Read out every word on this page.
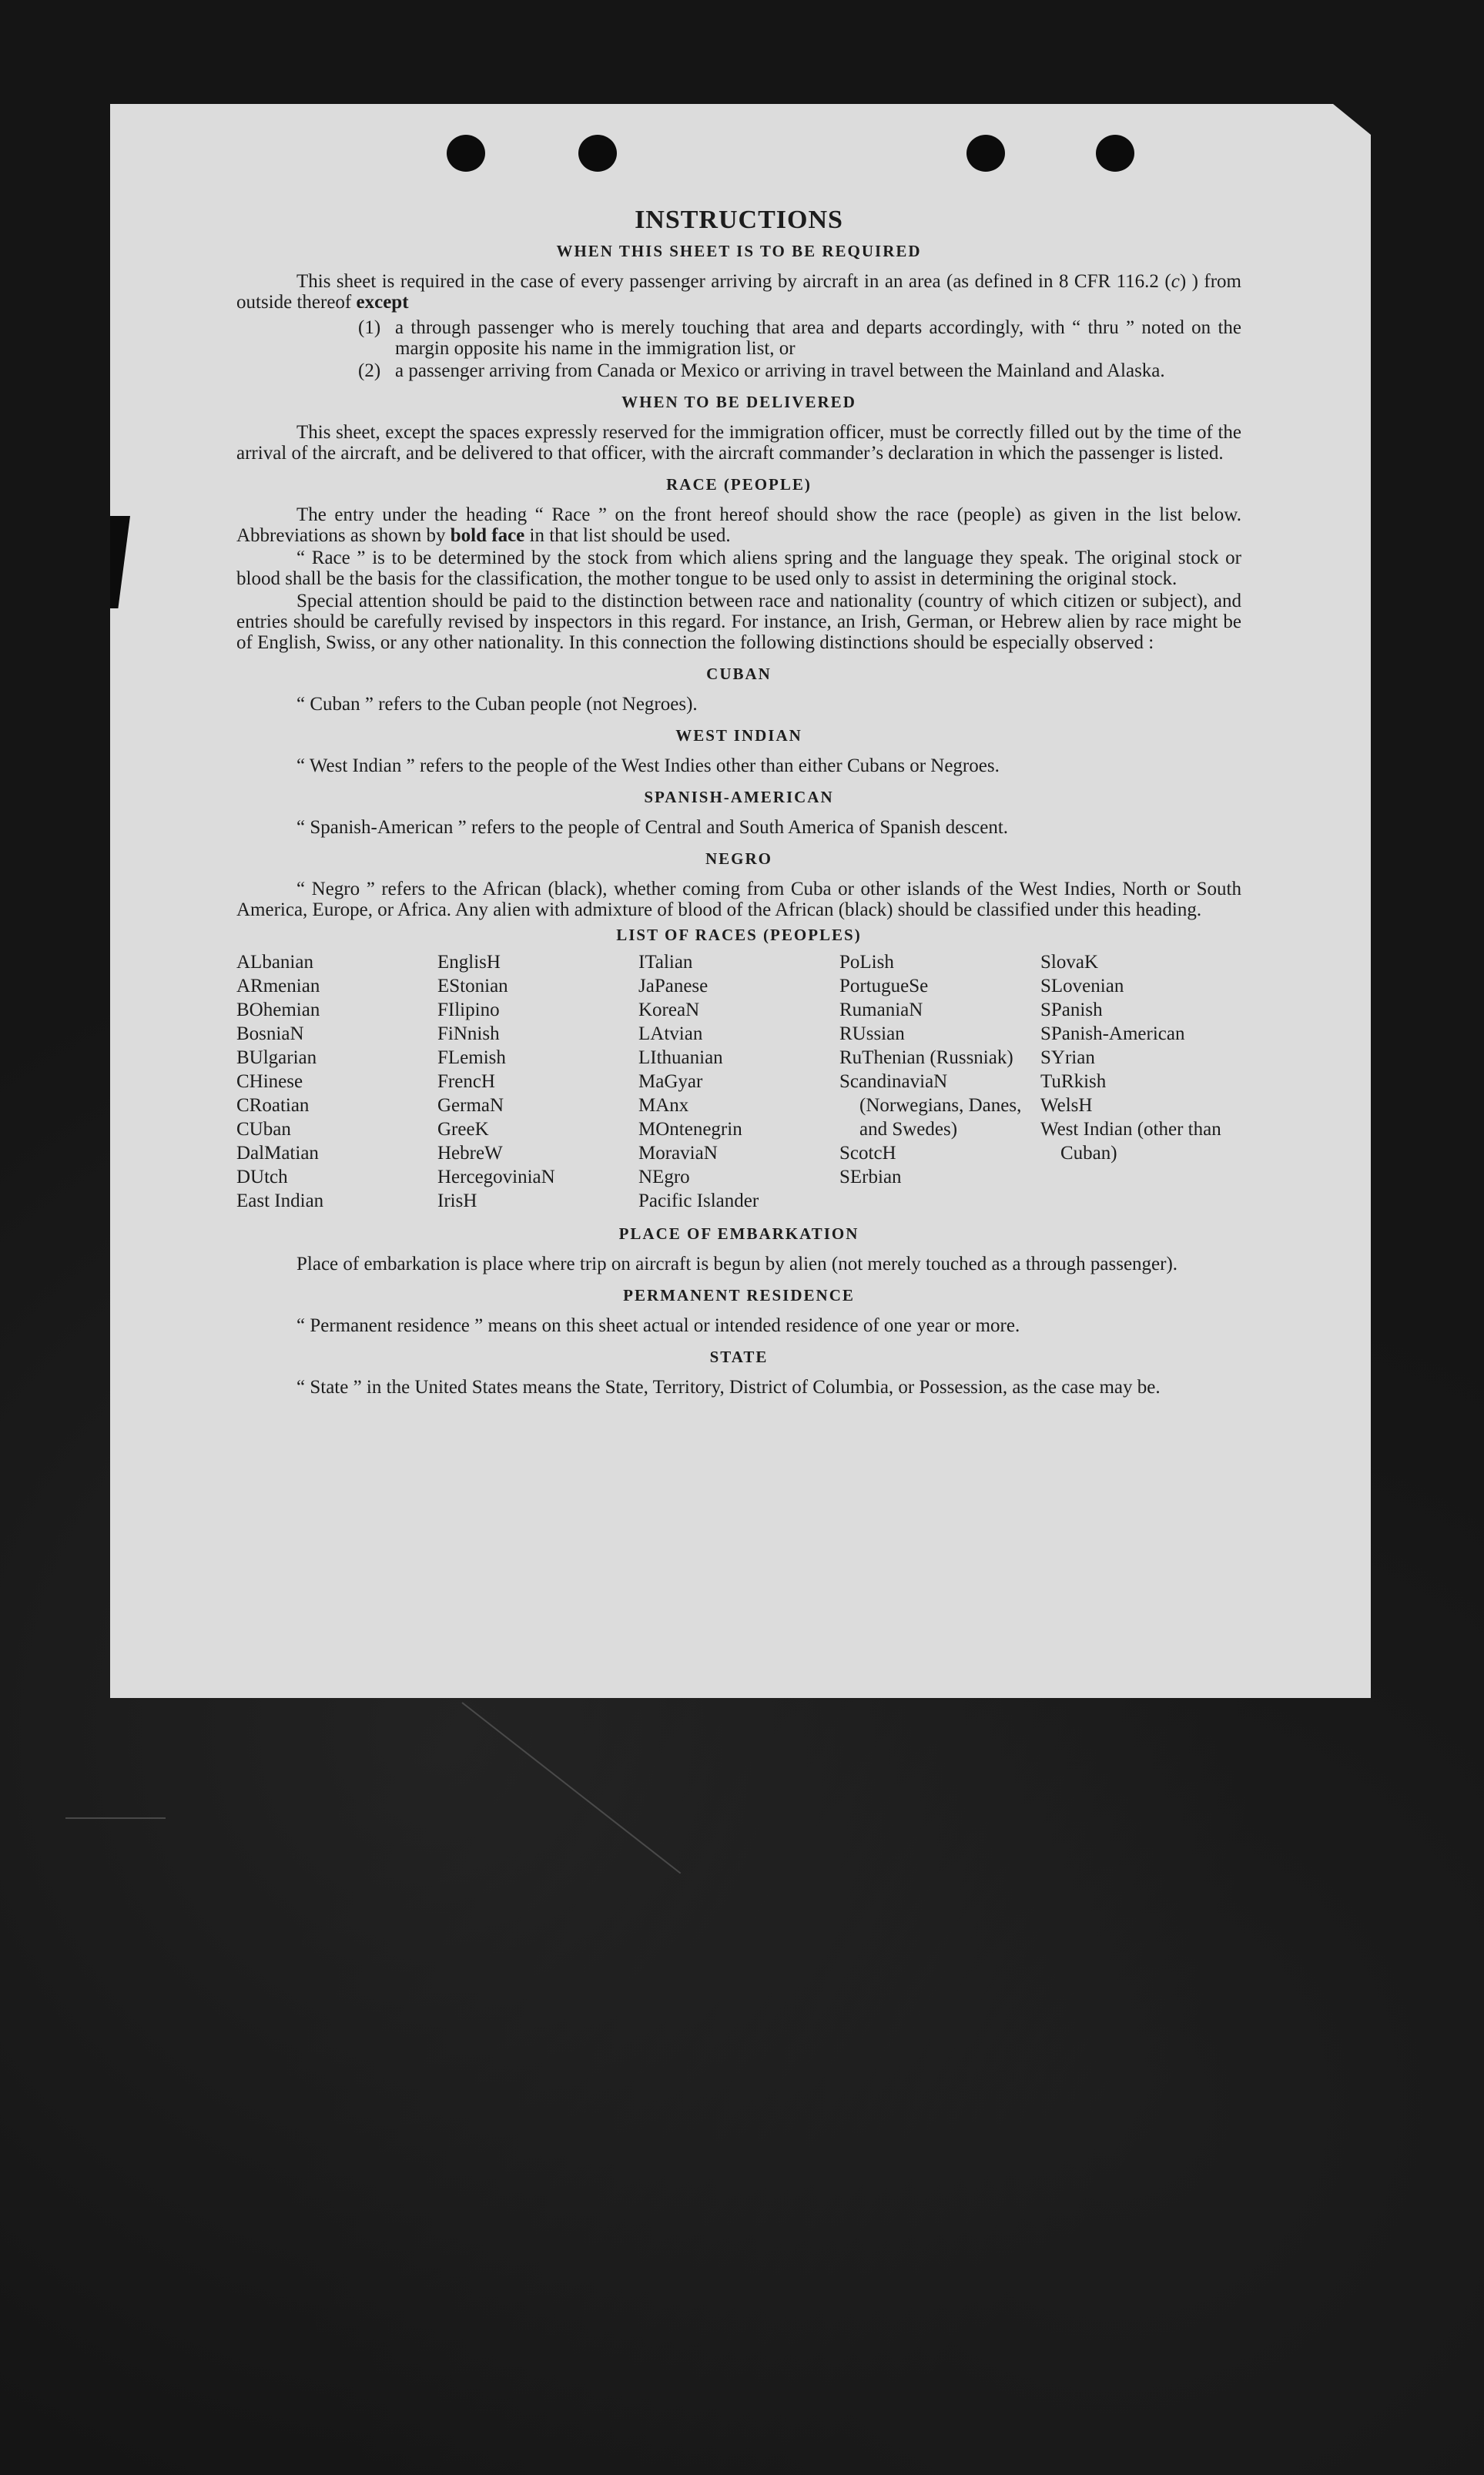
INSTRUCTIONS
WHEN THIS SHEET IS TO BE REQUIRED
This sheet is required in the case of every passenger arriving by aircraft in an area (as defined in 8 CFR 116.2 (c) ) from outside thereof except
(1) a through passenger who is merely touching that area and departs accordingly, with “ thru ” noted on the margin opposite his name in the immigration list, or
(2) a passenger arriving from Canada or Mexico or arriving in travel between the Mainland and Alaska.
WHEN TO BE DELIVERED
This sheet, except the spaces expressly reserved for the immigration officer, must be correctly filled out by the time of the arrival of the aircraft, and be delivered to that officer, with the aircraft commander’s declaration in which the passenger is listed.
RACE (PEOPLE)
The entry under the heading “ Race ” on the front hereof should show the race (people) as given in the list below. Abbreviations as shown by bold face in that list should be used.
“ Race ” is to be determined by the stock from which aliens spring and the language they speak. The original stock or blood shall be the basis for the classification, the mother tongue to be used only to assist in determining the original stock.
Special attention should be paid to the distinction between race and nationality (country of which citizen or subject), and entries should be carefully revised by inspectors in this regard. For instance, an Irish, German, or Hebrew alien by race might be of English, Swiss, or any other nationality. In this connection the following distinctions should be especially observed :
CUBAN
“ Cuban ” refers to the Cuban people (not Negroes).
WEST INDIAN
“ West Indian ” refers to the people of the West Indies other than either Cubans or Negroes.
SPANISH-AMERICAN
“ Spanish-American ” refers to the people of Central and South America of Spanish descent.
NEGRO
“ Negro ” refers to the African (black), whether coming from Cuba or other islands of the West Indies, North or South America, Europe, or Africa. Any alien with admixture of blood of the African (black) should be classified under this heading.
LIST OF RACES (PEOPLES)
ALbanian
ARmenian
BOhemian
BosniaN
BUlgarian
CHinese
CRoatian
CUban
DalMatian
DUtch
East Indian
EnglisH
EStonian
FIlipino
FiNnish
FLemish
FrencH
GermaN
GreeK
HebreW
HercegoviniaN
IrisH
ITalian
JaPanese
KoreaN
LAtvian
LIthuanian
MaGyar
MAnx
MOntenegrin
MoraviaN
NEgro
Pacific Islander
PoLish
PortugueSe
RumaniaN
RUssian
RuThenian (Russniak)
ScandinaviaN (Norwegians, Danes, and Swedes)
ScotcH
SErbian
SlovaK
SLovenian
SPanish
SPanish-American
SYrian
TuRkish
WelsH
West Indian (other than Cuban)
PLACE OF EMBARKATION
Place of embarkation is place where trip on aircraft is begun by alien (not merely touched as a through passenger).
PERMANENT RESIDENCE
“ Permanent residence ” means on this sheet actual or intended residence of one year or more.
STATE
“ State ” in the United States means the State, Territory, District of Columbia, or Possession, as the case may be.
